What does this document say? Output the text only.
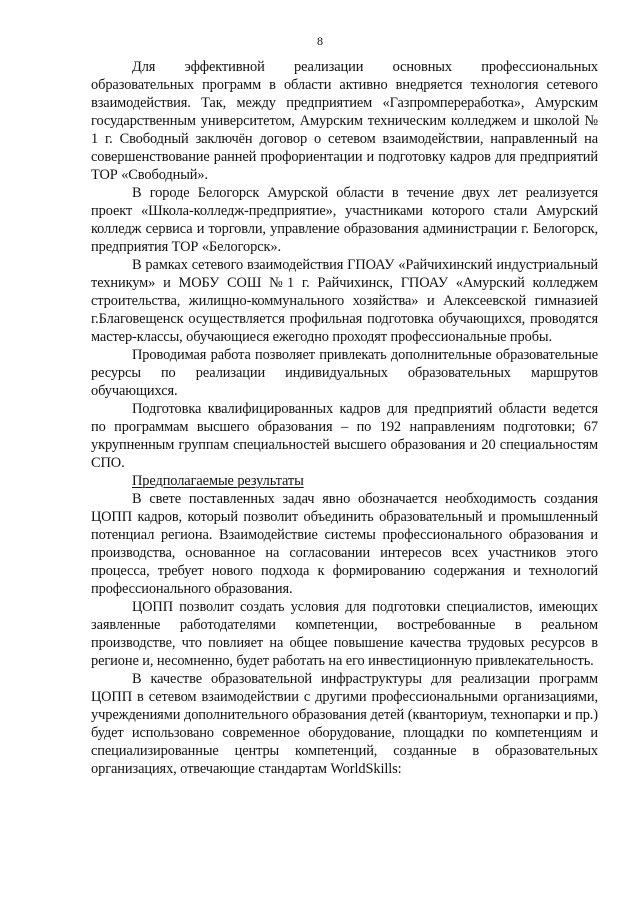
8

Для эффективной реализации основных профессиональных образовательных программ в области активно внедряется технология сетевого взаимодействия. Так, между предприятием «Газпромпереработка», Амурским государственным университетом, Амурским техническим колледжем и школой № 1 г. Свободный заключён договор о сетевом взаимодействии, направленный на совершенствование ранней профориентации и подготовку кадров для предприятий ТОР «Свободный».

В городе Белогорск Амурской области в течение двух лет реализуется проект «Школа-колледж-предприятие», участниками которого стали Амурский колледж сервиса и торговли, управление образования администрации г. Белогорск, предприятия ТОР «Белогорск».

В рамках сетевого взаимодействия ГПОАУ «Райчихинский индустриальный техникум» и МОБУ СОШ №1 г. Райчихинск, ГПОАУ «Амурский колледжем строительства, жилищно-коммунального хозяйства» и Алексеевской гимназией г.Благовещенск осуществляется профильная подготовка обучающихся, проводятся мастер-классы, обучающиеся ежегодно проходят профессиональные пробы.

Проводимая работа позволяет привлекать дополнительные образовательные ресурсы по реализации индивидуальных образовательных маршрутов обучающихся.

Подготовка квалифицированных кадров для предприятий области ведется по программам высшего образования – по 192 направлениям подготовки; 67 укрупненным группам специальностей высшего образования и 20 специальностям СПО.

Предполагаемые результаты

В свете поставленных задач явно обозначается необходимость создания ЦОПП кадров, который позволит объединить образовательный и промышленный потенциал региона. Взаимодействие системы профессионального образования и производства, основанное на согласовании интересов всех участников этого процесса, требует нового подхода к формированию содержания и технологий профессионального образования.

ЦОПП позволит создать условия для подготовки специалистов, имеющих заявленные работодателями компетенции, востребованные в реальном производстве, что повлияет на общее повышение качества трудовых ресурсов в регионе и, несомненно, будет работать на его инвестиционную привлекательность.

В качестве образовательной инфраструктуры для реализации программ ЦОПП в сетевом взаимодействии с другими профессиональными организациями, учреждениями дополнительного образования детей (кванториум, технопарки и пр.) будет использовано современное оборудование, площадки по компетенциям и специализированные центры компетенций, созданные в образовательных организациях, отвечающие стандартам WorldSkills:
